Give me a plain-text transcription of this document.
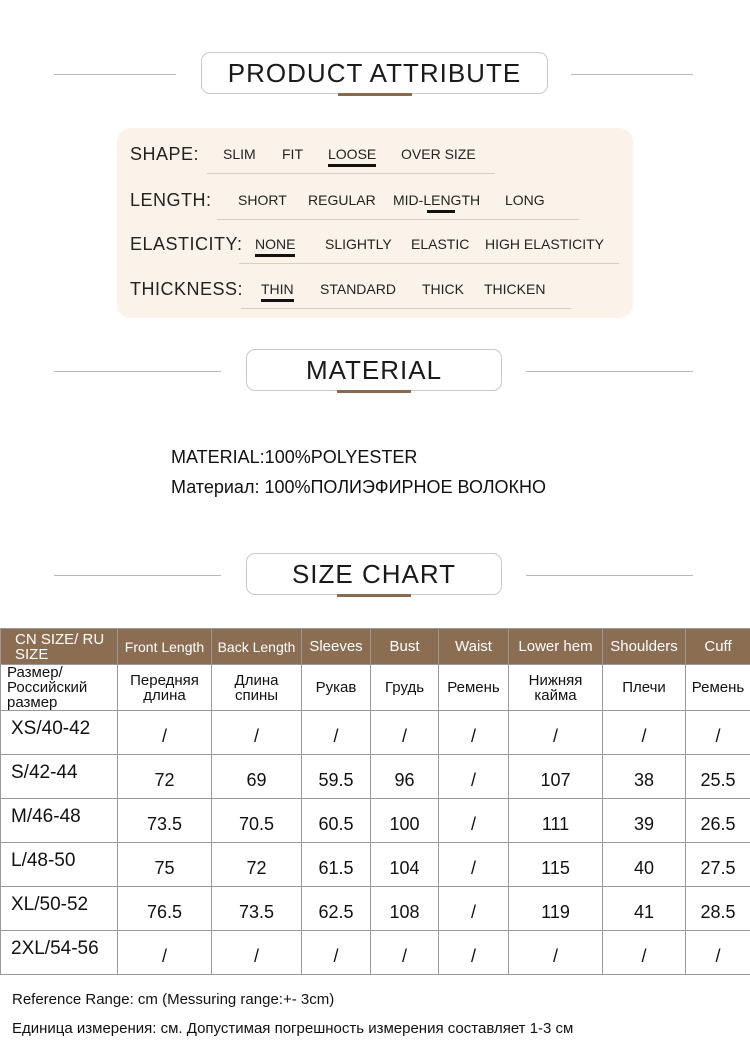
PRODUCT ATTRIBUTE
SHAPE: SLIM FIT LOOSE OVER SIZE
LENGTH: SHORT REGULAR MID-LENGTH LONG
ELASTICITY: NONE SLIGHTLY ELASTIC HIGH ELASTICITY
THICKNESS: THIN STANDARD THICK THICKEN
MATERIAL
MATERIAL:100%POLYESTER
Материал: 100%ПОЛИЭФИРНОЕ ВОЛОКНО
SIZE CHART
CN SIZE/ RU SIZE	Front Length	Back Length	Sleeves	Bust	Waist	Lower hem	Shoulders	Cuff
Размер/ Российский размер	Передняя длина	Длина спины	Рукав	Грудь	Ремень	Нижняя кайма	Плечи	Ремень
XS/40-42	/	/	/	/	/	/	/	/
S/42-44	72	69	59.5	96	/	107	38	25.5
M/46-48	73.5	70.5	60.5	100	/	111	39	26.5
L/48-50	75	72	61.5	104	/	115	40	27.5
XL/50-52	76.5	73.5	62.5	108	/	119	41	28.5
2XL/54-56	/	/	/	/	/	/	/	/
Reference Range: cm (Messuring range:+- 3cm)
Единица измерения: см. Допустимая погрешность измерения составляет 1-3 см
